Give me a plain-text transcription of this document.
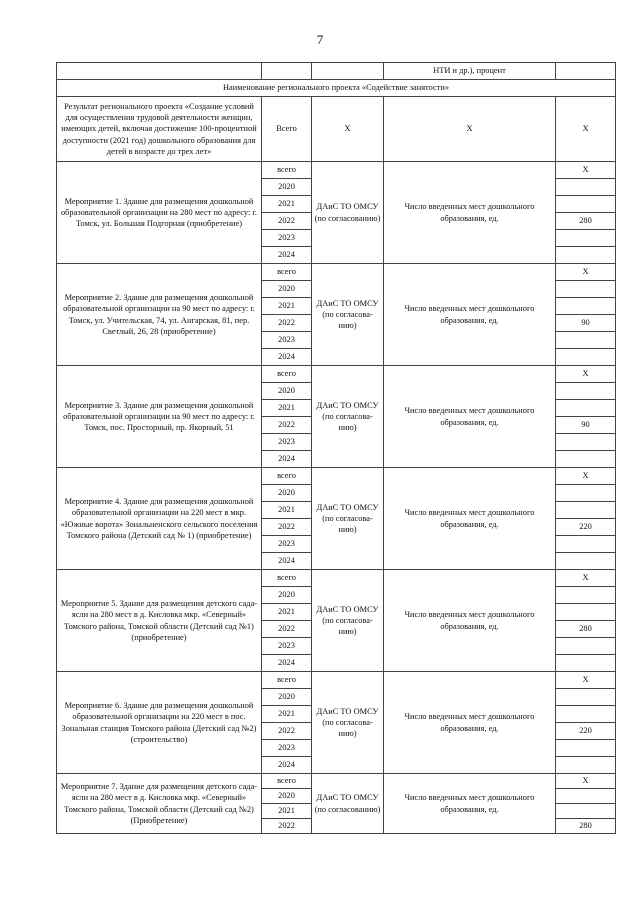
7
			НТИ и др.), процент	
Наименование регионального проекта «Содействие занятости»				
Результат регионального проекта «Создание условий для осуществления трудовой деятельности женщин, имеющих детей, включая достижение 100-процентной доступности (2021 год) дошкольного образования для детей в возрасте до трех лет»	Всего	Х	Х	Х
Мероприятие 1. Здание для размещения дошкольной образовательной организации на 280 мест по адресу: г. Томск, ул. Большая Подгорная (приобретение)	всего	ДАиС ТО ОМСУ (по согласованию)	Число введенных мест дошкольного образования, ед.	Х
	2020			
	2021			
	2022			280
	2023			
	2024			
Мероприятие 2. Здание для размещения дошкольной образовательной организации на 90 мест по адресу: г. Томск, ул. Учительская, 74, ул. Ангарская, 81, пер. Светлый, 26, 28 (приобретение)	всего	ДАиС ТО ОМСУ (по согласова- нию)	Число введенных мест дошкольного образования, ед.	Х
	2020			
	2021			
	2022			90
	2023			
	2024			
Мероприятие 3. Здание для размещения дошкольной образовательной организации на 90 мест по адресу: г. Томск, пос. Просторный, пр. Якорный, 51	всего	ДАиС ТО ОМСУ (по согласова- нию)	Число введенных мест дошкольного образования, ед.	Х
	2020			
	2021			
	2022			90
	2023			
	2024			
Мероприятие 4. Здание для размещения дошкольной образовательной организации на 220 мест в мкр. «Южные ворота» Зональненского сельского поселения Томского района (Детский сад № 1) (приобретение)	всего	ДАиС ТО ОМСУ (по согласова- нию)	Число введенных мест дошкольного образования, ед.	Х
	2020			
	2021			
	2022			220
	2023			
	2024			
Мероприятие 5. Здание для размещения детского сада-ясли на 280 мест в д. Кисловка мкр. «Северный» Томского района, Томской области (Детский сад №1) (приобретение)	всего	ДАиС ТО ОМСУ (по согласова- нию)	Число введенных мест дошкольного образования, ед.	Х
	2020			
	2021			
	2022			280
	2023			
	2024			
Мероприятие 6. Здание для размещения дошкольной образовательной организации на 220 мест в пос. Зональная станция Томского района (Детский сад №2) (строительство)	всего	ДАиС ТО ОМСУ (по согласова- нию)	Число введенных мест дошкольного образования, ед.	Х
	2020			
	2021			
	2022			220
	2023			
	2024			
Мероприятие 7. Здание для размещения детского сада-ясли на 280 мест в д. Кисловка мкр. «Северный» Томского района, Томской области (Детский сад №2) (Приобретение)	всего	ДАиС ТО ОМСУ (по согласованию)	Число введенных мест дошкольного образования, ед.	Х
	2020			
	2021			
	2022			280
